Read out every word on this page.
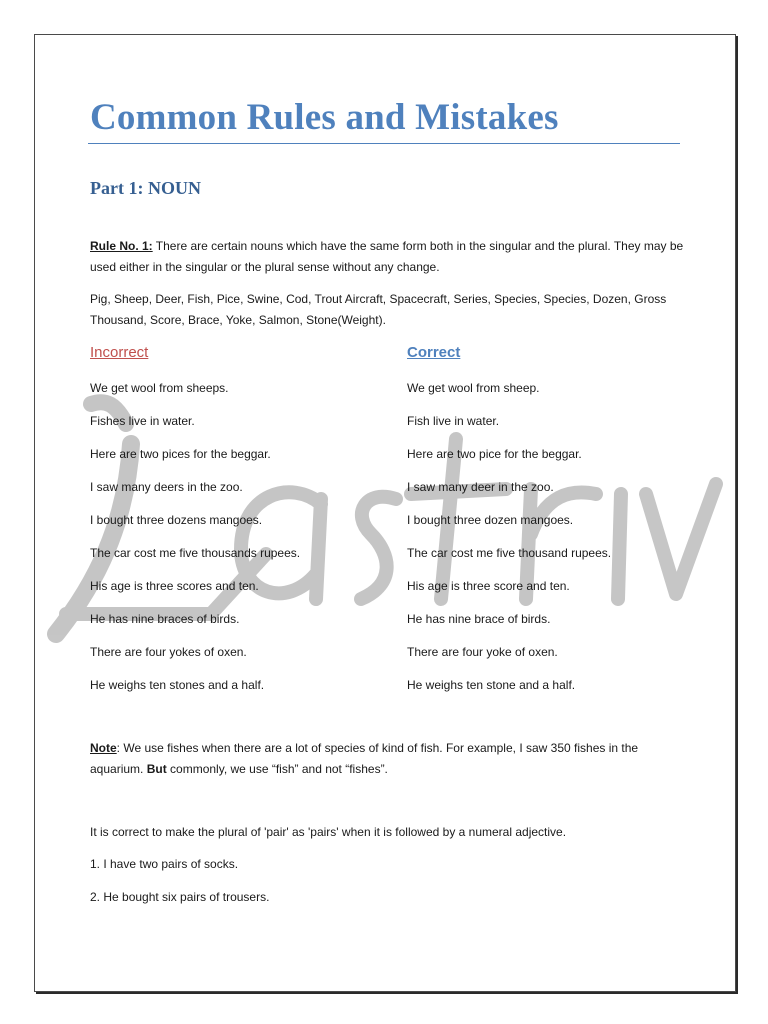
Common Rules and Mistakes
Part 1: NOUN
Rule No. 1: There are certain nouns which have the same form both in the singular and the plural. They may be used either in the singular or the plural sense without any change.
Pig, Sheep, Deer, Fish, Pice, Swine, Cod, Trout Aircraft, Spacecraft, Series, Species, Species, Dozen, Gross Thousand, Score, Brace, Yoke, Salmon, Stone(Weight).
Incorrect	Correct
We get wool from sheeps.	We get wool from sheep.
Fishes live in water.	Fish live in water.
Here are two pices for the beggar.	Here are two pice for the beggar.
I saw many deers in the zoo.	I saw many deer in the zoo.
I bought three dozens mangoes.	I bought three dozen mangoes.
The car cost me five thousands rupees.	The car cost me five thousand rupees.
His age is three scores and ten.	His age is three score and ten.
He has nine braces of birds.	He has nine brace of birds.
There are four yokes of oxen.	There are four yoke of oxen.
He weighs ten stones and a half.	He weighs ten stone and a half.
Note: We use fishes when there are a lot of species of kind of fish. For example, I saw 350 fishes in the aquarium. But commonly, we use “fish” and not “fishes”.
It is correct to make the plural of 'pair' as 'pairs' when it is followed by a numeral adjective.
1. I have two pairs of socks.
2. He bought six pairs of trousers.
